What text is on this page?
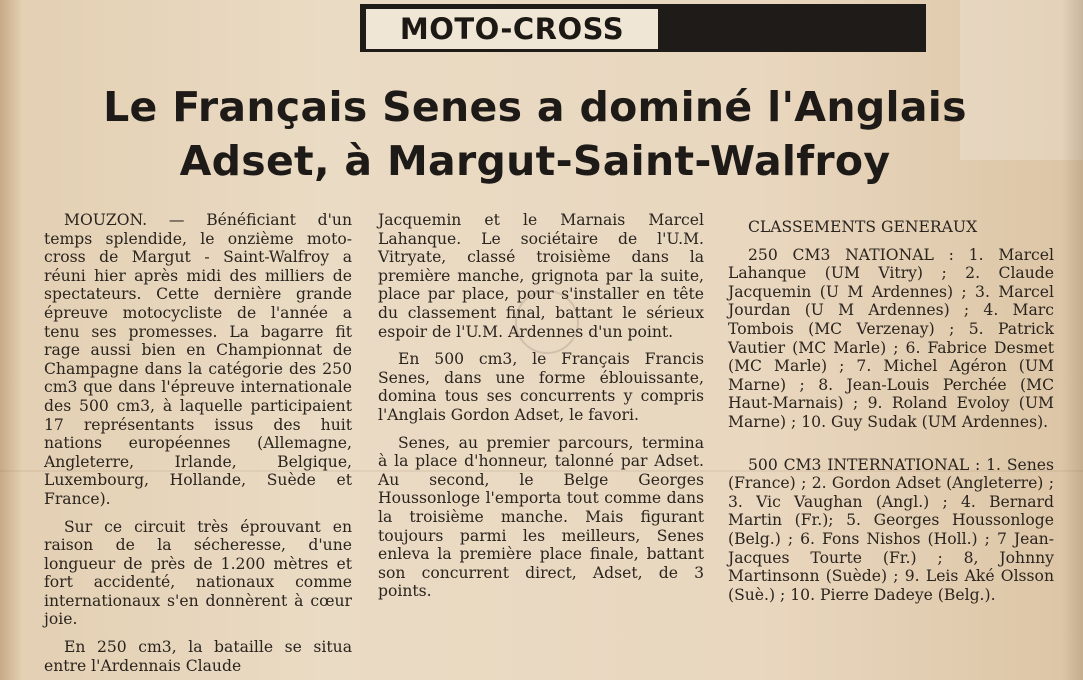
MOTO-CROSS
Le Français Senes a dominé l'Anglais
Adset, à Margut-Saint-Walfroy

MOUZON. — Bénéficiant d'un temps splendide, le onzième moto-cross de Margut - Saint-Walfroy a réuni hier après midi des milliers de spectateurs. Cette dernière grande épreuve motocycliste de l'année a tenu ses promesses. La bagarre fit rage aussi bien en Championnat de Champagne dans la catégorie des 250 cm3 que dans l'épreuve internationale des 500 cm3, à laquelle participaient 17 représentants issus des huit nations européennes (Allemagne, Angleterre, Irlande, Belgique, Luxembourg, Hollande, Suède et France).

Sur ce circuit très éprouvant en raison de la sécheresse, d'une longueur de près de 1.200 mètres et fort accidenté, nationaux comme internationaux s'en donnèrent à cœur joie.

En 250 cm3, la bataille se situa entre l'Ardennais Claude

Jacquemin et le Marnais Marcel Lahanque. Le sociétaire de l'U.M. Vitryate, classé troisième dans la première manche, grignota par la suite, place par place, pour s'installer en tête du classement final, battant le sérieux espoir de l'U.M. Ardennes d'un point.

En 500 cm3, le Français Francis Senes, dans une forme éblouissante, domina tous ses concurrents y compris l'Anglais Gordon Adset, le favori.

Senes, au premier parcours, termina à la place d'honneur, talonné par Adset. Au second, le Belge Georges Houssonloge l'emporta tout comme dans la troisième manche. Mais figurant toujours parmi les meilleurs, Senes enleva la première place finale, battant son concurrent direct, Adset, de 3 points.

CLASSEMENTS GENERAUX

250 CM3 NATIONAL : 1. Marcel Lahanque (UM Vitry) ; 2. Claude Jacquemin (U M Ardennes) ; 3. Marcel Jourdan (U M Ardennes) ; 4. Marc Tombois (MC Verzenay) ; 5. Patrick Vautier (MC Marle) ; 6. Fabrice Desmet (MC Marle) ; 7. Michel Agéron (UM Marne) ; 8. Jean-Louis Perchée (MC Haut-Marnais) ; 9. Roland Evoloy (UM Marne) ; 10. Guy Sudak (UM Ardennes).

500 CM3 INTERNATIONAL : 1. Senes (France) ; 2. Gordon Adset (Angleterre) ; 3. Vic Vaughan (Angl.) ; 4. Bernard Martin (Fr.); 5. Georges Houssonloge (Belg.) ; 6. Fons Nishos (Holl.) ; 7 Jean-Jacques Tourte (Fr.) ; 8, Johnny Martinsonn (Suède) ; 9. Leis Aké Olsson (Suè.) ; 10. Pierre Dadeye (Belg.).
